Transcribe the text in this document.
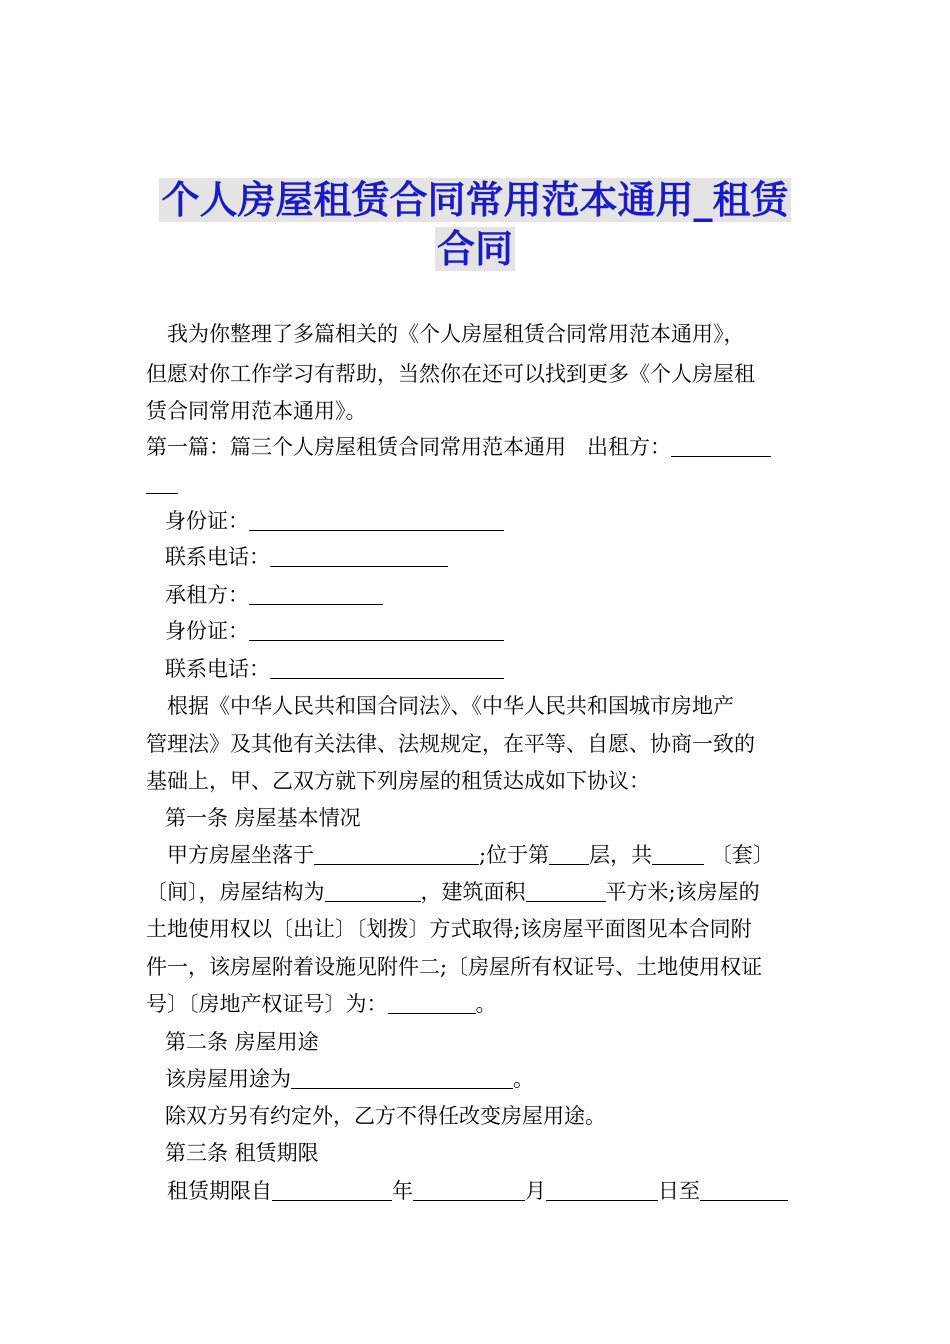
个人房屋租赁合同常用范本通用_租赁
合同
我为你整理了多篇相关的《个人房屋租赁合同常用范本通用》，
但愿对你工作学习有帮助，当然你在还可以找到更多《个人房屋租
赁合同常用范本通用》。
第一篇：篇三个人房屋租赁合同常用范本通用　出租方：
身份证：
联系电话：
承租方：
身份证：
联系电话：
根据《中华人民共和国合同法》、《中华人民共和国城市房地产
管理法》及其他有关法律、法规规定，在平等、自愿、协商一致的
基础上，甲、乙双方就下列房屋的租赁达成如下协议：
第一条 房屋基本情况
甲方房屋坐落于	;位于第 层，共	〔套〕
〔间〕，房屋结构为	，建筑面积	平方米;该房屋的
土地使用权以〔出让〕〔划拨〕方式取得;该房屋平面图见本合同附
件一，该房屋附着设施见附件二;〔房屋所有权证号、土地使用权证
号〕〔房地产权证号〕为：	。
第二条 房屋用途
该房屋用途为	。
除双方另有约定外，乙方不得任改变房屋用途。
第三条 租赁期限
租赁期限自	年	月	日至
